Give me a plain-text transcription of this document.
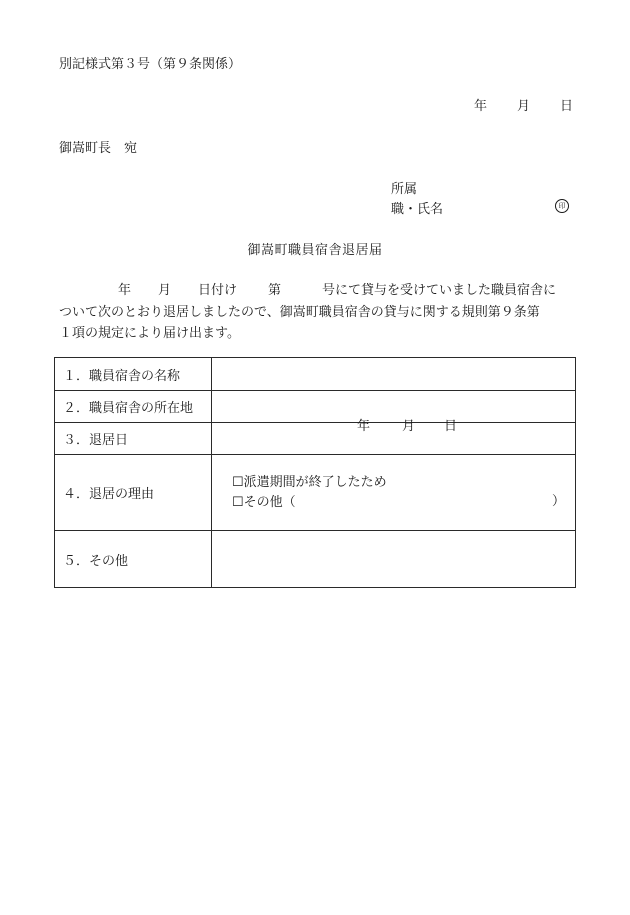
別記様式第３号（第９条関係）
年 月 日
御嵩町長　宛
所属
職・氏名	印
御嵩町職員宿舎退居届
年 月 日付け 第	号にて貸与を受けていました職員宿舎に
ついて次のとおり退居しましたので、御嵩町職員宿舎の貸与に関する規則第９条第
１項の規定により届け出ます。
１．職員宿舎の名称	
２．職員宿舎の所在地	
３．退居日	年 月 日

４．退居の理由	☐派遣期間が終了したため
☐その他（ ）

５．その他	
